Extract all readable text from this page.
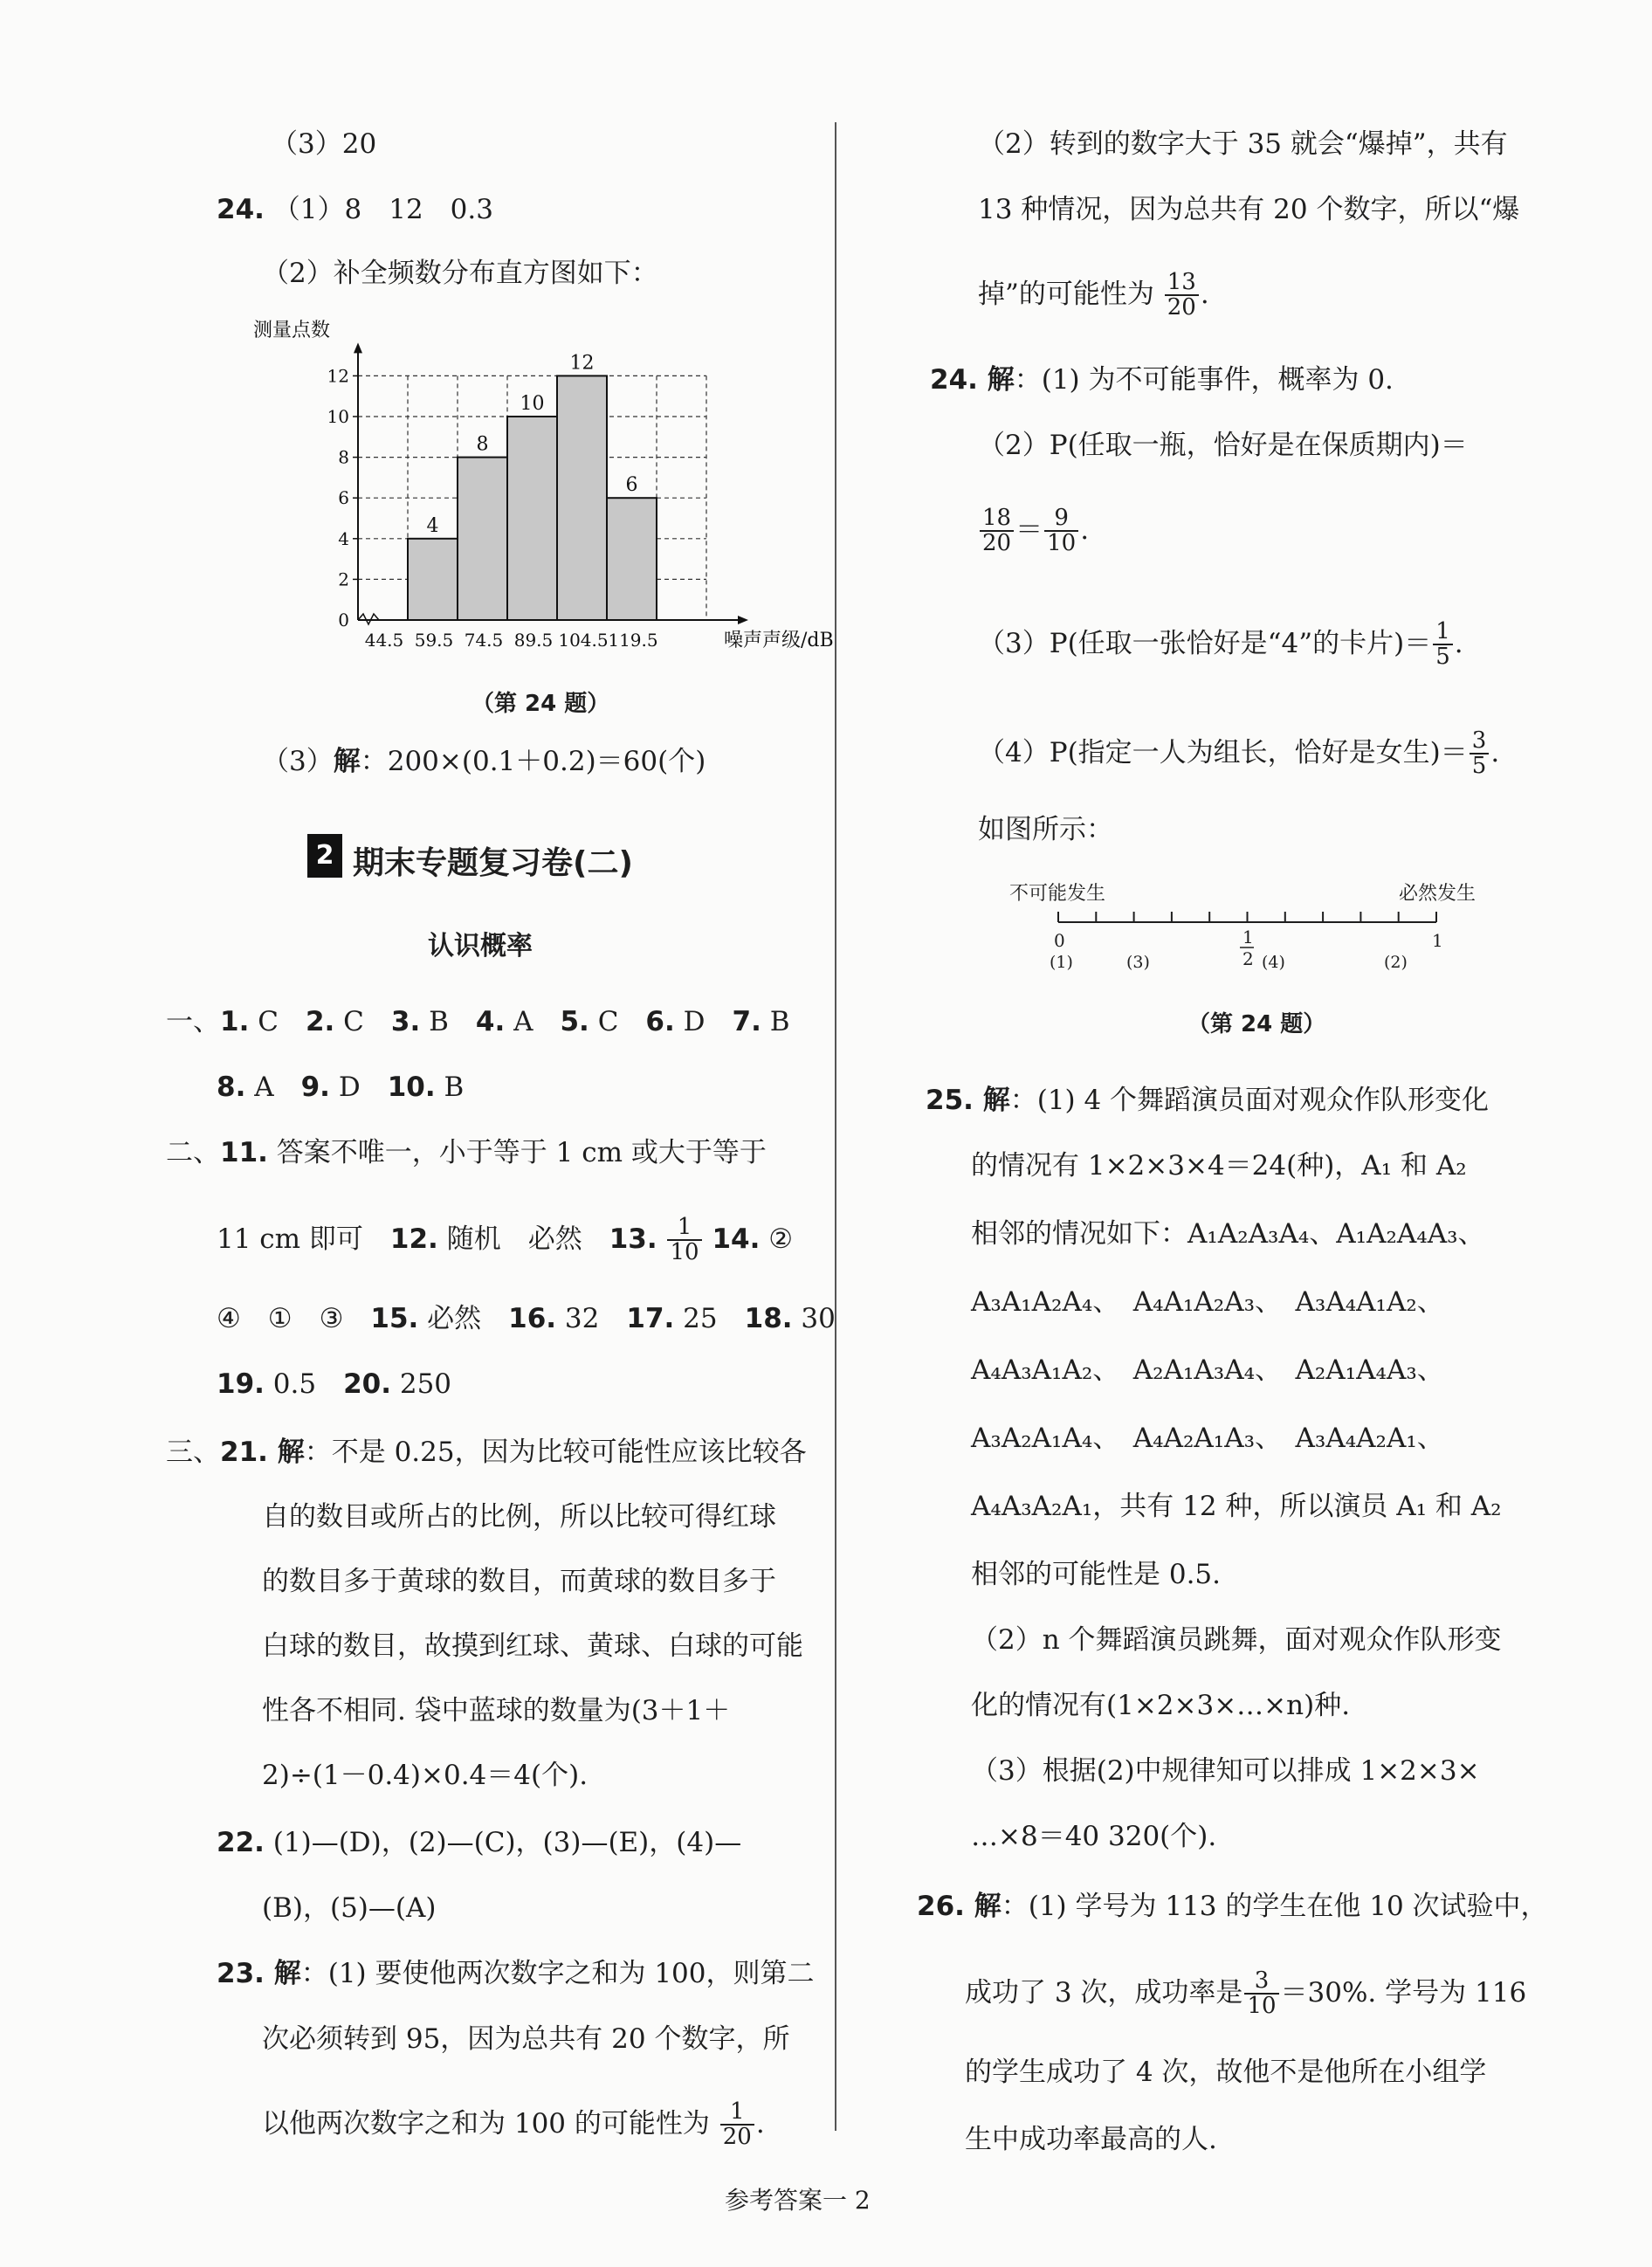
（3）20
24. （1）8　12　0.3
（2）补全频数分布直方图如下：
4
8
10
12
6
0
2
4
6
8
10
12
44.5 59.5 74.5 89.5 104.5 119.5
测量点数
噪声声级/dB
（第 24 题）
（3）解：200×(0.1＋0.2)＝60(个)
2 期末专题复习卷(二)
认识概率
一、1. C　2. C　3. B　4. A　5. C　6. D　7. B
8. A　9. D　10. B
二、11. 答案不唯一，小于等于 1 cm 或大于等于
11 cm 即可　12. 随机　必然　13. $\frac{1}{10} 14$. ②
④　①　③　15. 必然　16. 32　17. 25　18. 30
19. 0.5　20. 250
三、21. 解：不是 0.25，因为比较可能性应该比较各
自的数目或所占的比例，所以比较可得红球
的数目多于黄球的数目，而黄球的数目多于
白球的数目，故摸到红球、黄球、白球的可能
性各不相同. 袋中蓝球的数量为(3＋1＋
2)÷(1－0.4)×0.4＝4(个).
22. (1)—(D)，(2)—(C)，(3)—(E)，(4)—
(B)，(5)—(A)
23. 解：(1) 要使他两次数字之和为 100，则第二
次必须转到 95，因为总共有 20 个数字，所
以他两次数字之和为 100 的可能性为 $\frac{1}{20}$ .
（2）转到的数字大于 35 就会“爆掉”，共有
13 种情况，因为总共有 20 个数字，所以“爆
掉”的可能性为 $\frac{13}{20}$ .
24. 解：(1) 为不可能事件，概率为 0.
（2）P(任取一瓶，恰好是在保质期内)＝
$\frac{18}{20} = \frac{9}{10}$ .
（3）P(任取一张恰好是“4”的卡片)＝ $\frac{1}{5}$ .
（4）P(指定一人为组长，恰好是女生)＝ $\frac{3}{5}$ .
如图所示：
不可能发生	必然发生
0	1
1
2
(1)	(3)	(4)	(2)
（第 24 题）
25. 解：(1) 4 个舞蹈演员面对观众作队形变化
的情况有 1×2×3×4＝24(种)，A₁ 和 A₂
相邻的情况如下：A₁A₂A₃A₄、A₁A₂A₄A₃、
A₃A₁A₂A₄、　A₄A₁A₂A₃、　A₃A₄A₁A₂、
A₄A₃A₁A₂、　A₂A₁A₃A₄、　A₂A₁A₄A₃、
A₃A₂A₁A₄、　A₄A₂A₁A₃、　A₃A₄A₂A₁、
A₄A₃A₂A₁，共有 12 种，所以演员 A₁ 和 A₂
相邻的可能性是 0.5.
（2）n 个舞蹈演员跳舞，面对观众作队形变
化的情况有(1×2×3×…×n)种.
（3）根据(2)中规律知可以排成 1×2×3×
…×8＝40 320(个).
26. 解：(1) 学号为 113 的学生在他 10 次试验中，
成功了 3 次，成功率是 $\frac{3}{10} =30\%$. 学号为 116
的学生成功了 4 次，故他不是他所在小组学
生中成功率最高的人.
参考答案一 2
